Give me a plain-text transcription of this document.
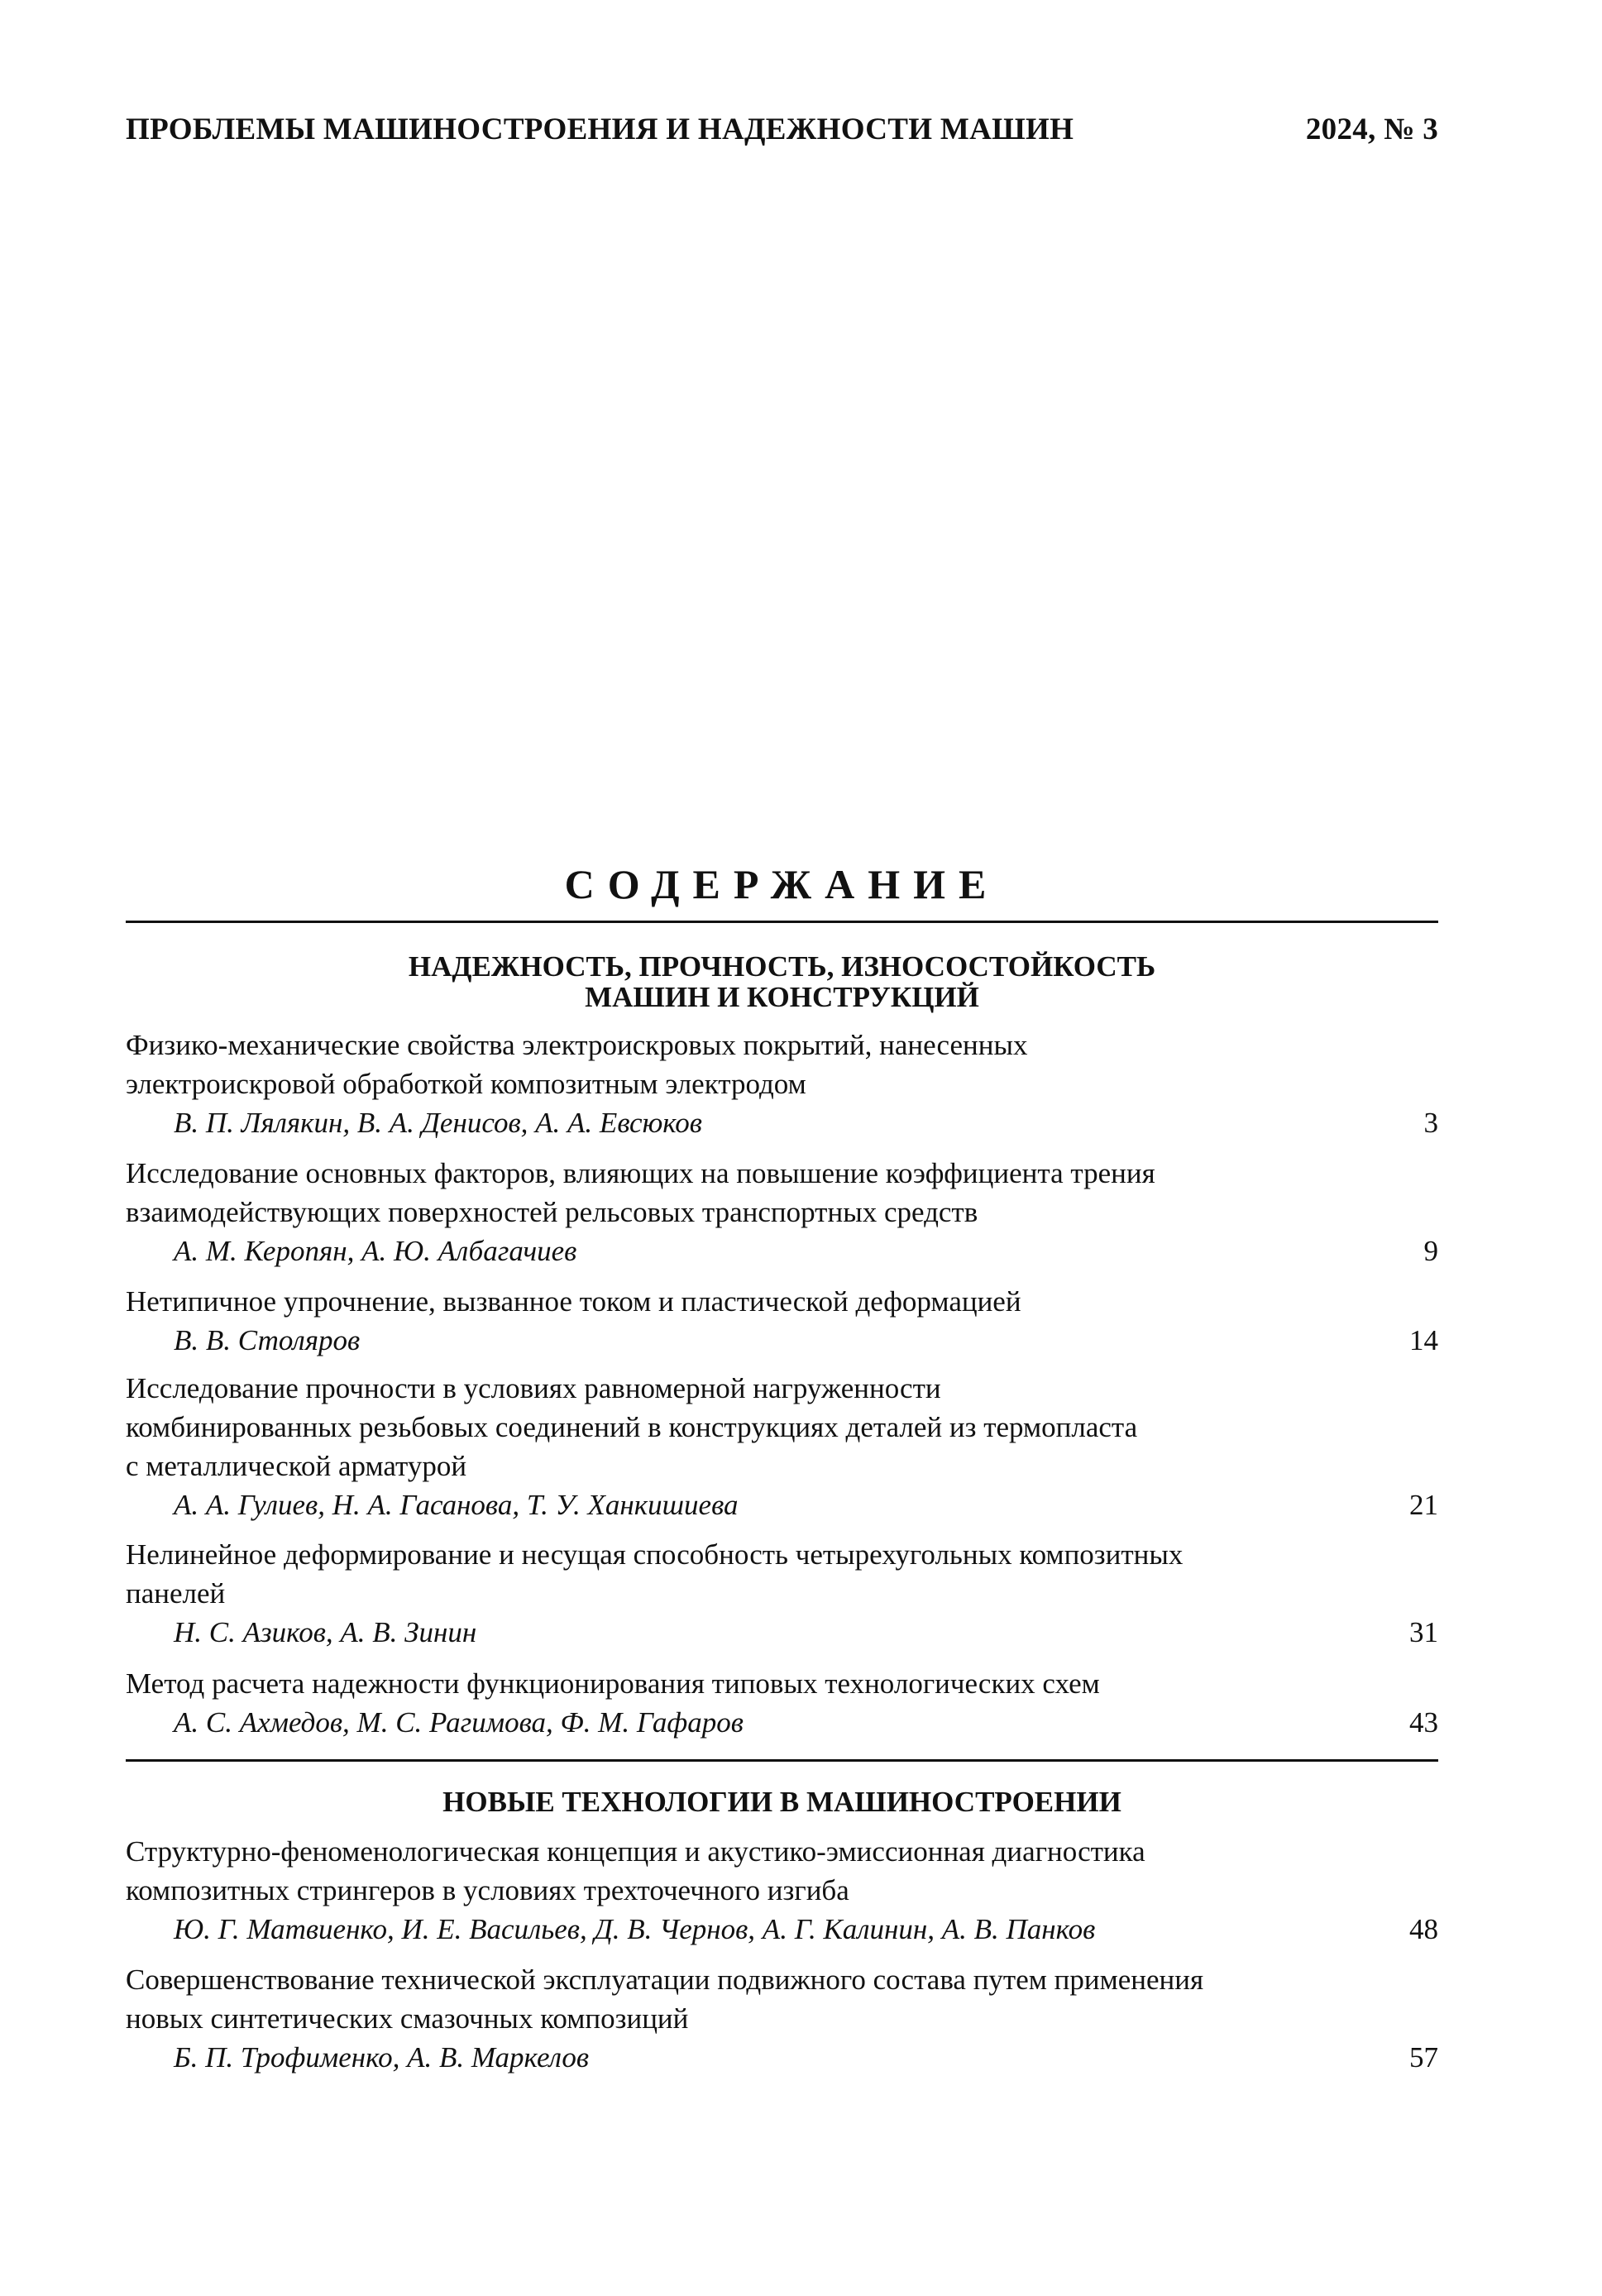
ПРОБЛЕМЫ МАШИНОСТРОЕНИЯ И НАДЕЖНОСТИ МАШИН	2024, № 3
СОДЕРЖАНИЕ
НАДЕЖНОСТЬ, ПРОЧНОСТЬ, ИЗНОСОСТОЙКОСТЬ
МАШИН И КОНСТРУКЦИЙ
Физико-механические свойства электроискровых покрытий, нанесенных
электроискровой обработкой композитным электродом
В. П. Лялякин, В. А. Денисов, А. А. Евсюков	3
Исследование основных факторов, влияющих на повышение коэффициента трения
взаимодействующих поверхностей рельсовых транспортных средств
А. М. Керопян, А. Ю. Албагачиев	9
Нетипичное упрочнение, вызванное током и пластической деформацией
В. В. Столяров	14
Исследование прочности в условиях равномерной нагруженности
комбинированных резьбовых соединений в конструкциях деталей из термопласта
с металлической арматурой
А. А. Гулиев, Н. А. Гасанова, Т. У. Ханкишиева	21
Нелинейное деформирование и несущая способность четырехугольных композитных
панелей
Н. С. Азиков, А. В. Зинин	31
Метод расчета надежности функционирования типовых технологических схем
А. С. Ахмедов, М. С. Рагимова, Ф. М. Гафаров	43
НОВЫЕ ТЕХНОЛОГИИ В МАШИНОСТРОЕНИИ
Структурно-феноменологическая концепция и акустико-эмиссионная диагностика
композитных стрингеров в условиях трехточечного изгиба
Ю. Г. Матвиенко, И. Е. Васильев, Д. В. Чернов, А. Г. Калинин, А. В. Панков	48
Совершенствование технической эксплуатации подвижного состава путем применения
новых синтетических смазочных композиций
Б. П. Трофименко, А. В. Маркелов	57
